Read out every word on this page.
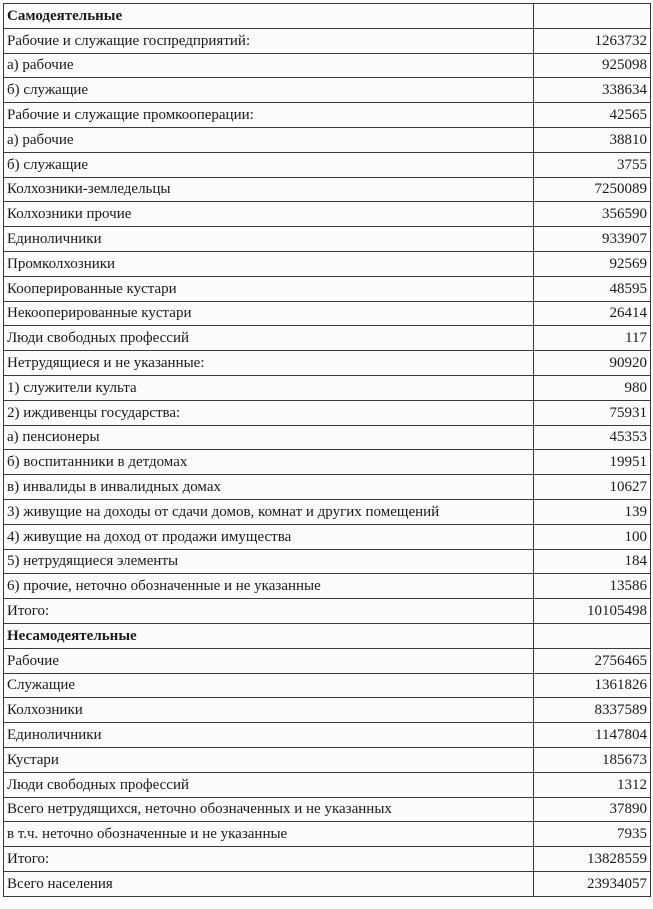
Самодеятельные	
Рабочие и служащие госпредприятий:	1263732
а) рабочие	925098
б) служащие	338634
Рабочие и служащие промкооперации:	42565
а) рабочие	38810
б) служащие	3755
Колхозники-земледельцы	7250089
Колхозники прочие	356590
Единоличники	933907
Промколхозники	92569
Кооперированные кустари	48595
Некооперированные кустари	26414
Люди свободных профессий	117
Нетрудящиеся и не указанные:	90920
1) служители культа	980
2) иждивенцы государства:	75931
а) пенсионеры	45353
б) воспитанники в детдомах	19951
в) инвалиды в инвалидных домах	10627
3) живущие на доходы от сдачи домов, комнат и других помещений	139
4) живущие на доход от продажи имущества	100
5) нетрудящиеся элементы	184
6) прочие, неточно обозначенные и не указанные	13586
Итого:	10105498
Несамодеятельные	
Рабочие	2756465
Служащие	1361826
Колхозники	8337589
Единоличники	1147804
Кустари	185673
Люди свободных профессий	1312
Всего нетрудящихся, неточно обозначенных и не указанных	37890
в т.ч. неточно обозначенные и не указанные	7935
Итого:	13828559
Всего населения	23934057
